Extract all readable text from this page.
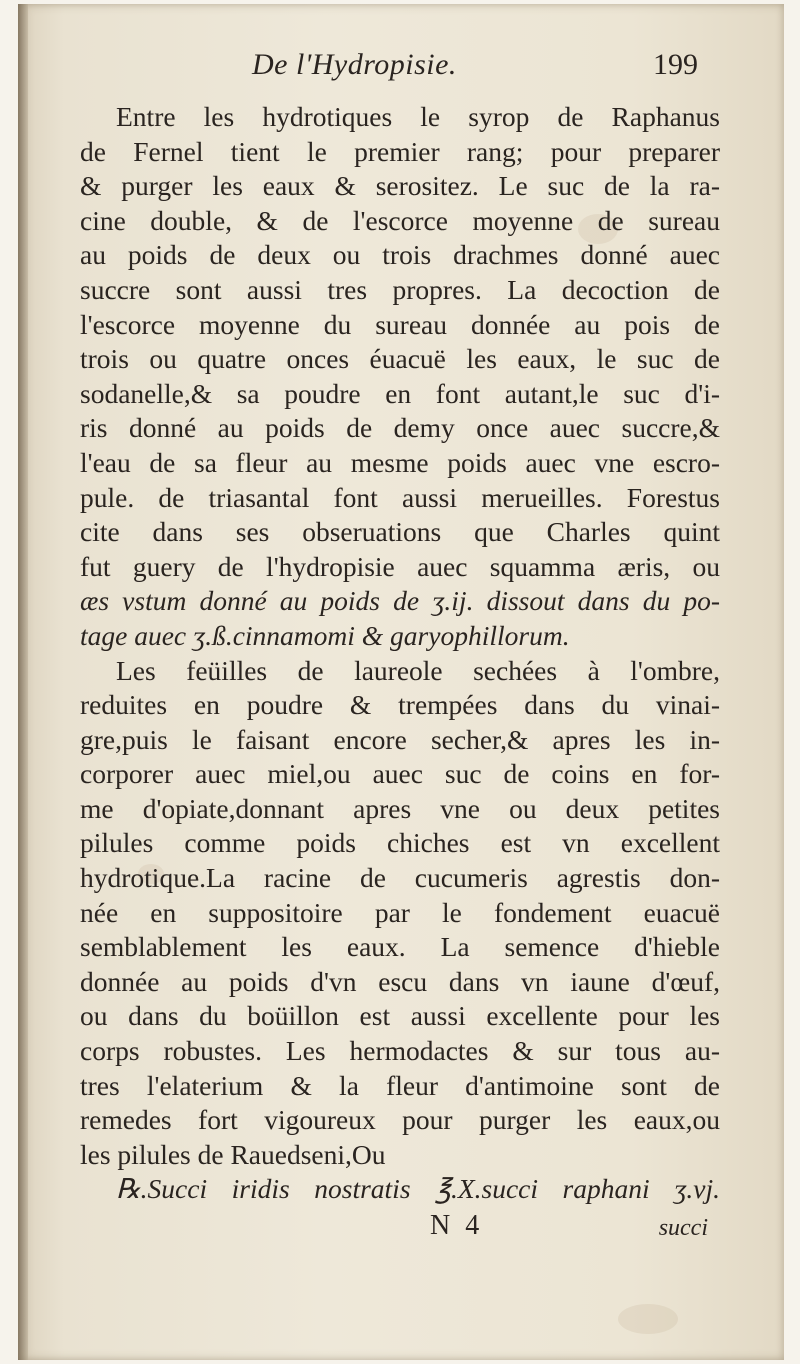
De l'Hydropisie.	199
Entre les hydrotiques le syrop de Raphanus
de Fernel tient le premier rang; pour preparer
& purger les eaux & serositez. Le suc de la ra-
cine double, & de l'escorce moyenne de sureau
au poids de deux ou trois drachmes donné auec
succre sont aussi tres propres. La decoction de
l'escorce moyenne du sureau donnée au pois de
trois ou quatre onces éuacuë les eaux, le suc de
sodanelle,& sa poudre en font autant,le suc d'i-
ris donné au poids de demy once auec succre,&
l'eau de sa fleur au mesme poids auec vne escro-
pule. de triasantal font aussi merueilles. Forestus
cite dans ses obseruations que Charles quint
fut guery de l'hydropisie auec squamma æris, ou
æs vstum donné au poids de ʒ.ij. dissout dans du po-
tage auec ʒ.ß.cinnamomi & garyophillorum.
Les feüilles de laureole sechées à l'ombre,
reduites en poudre & trempées dans du vinai-
gre,puis le faisant encore secher,& apres les in-
corporer auec miel,ou auec suc de coins en for-
me d'opiate,donnant apres vne ou deux petites
pilules comme poids chiches est vn excellent
hydrotique.La racine de cucumeris agrestis don-
née en suppositoire par le fondement euacuë
semblablement les eaux. La semence d'hieble
donnée au poids d'vn escu dans vn iaune d'œuf,
ou dans du boüillon est aussi excellente pour les
corps robustes. Les hermodactes & sur tous au-
tres l'elaterium & la fleur d'antimoine sont de
remedes fort vigoureux pour purger les eaux,ou
les pilules de Rauedseni,Ou
℞.Succi iridis nostratis ℥.X.succi raphani ʒ.vj.
N 4	succi
